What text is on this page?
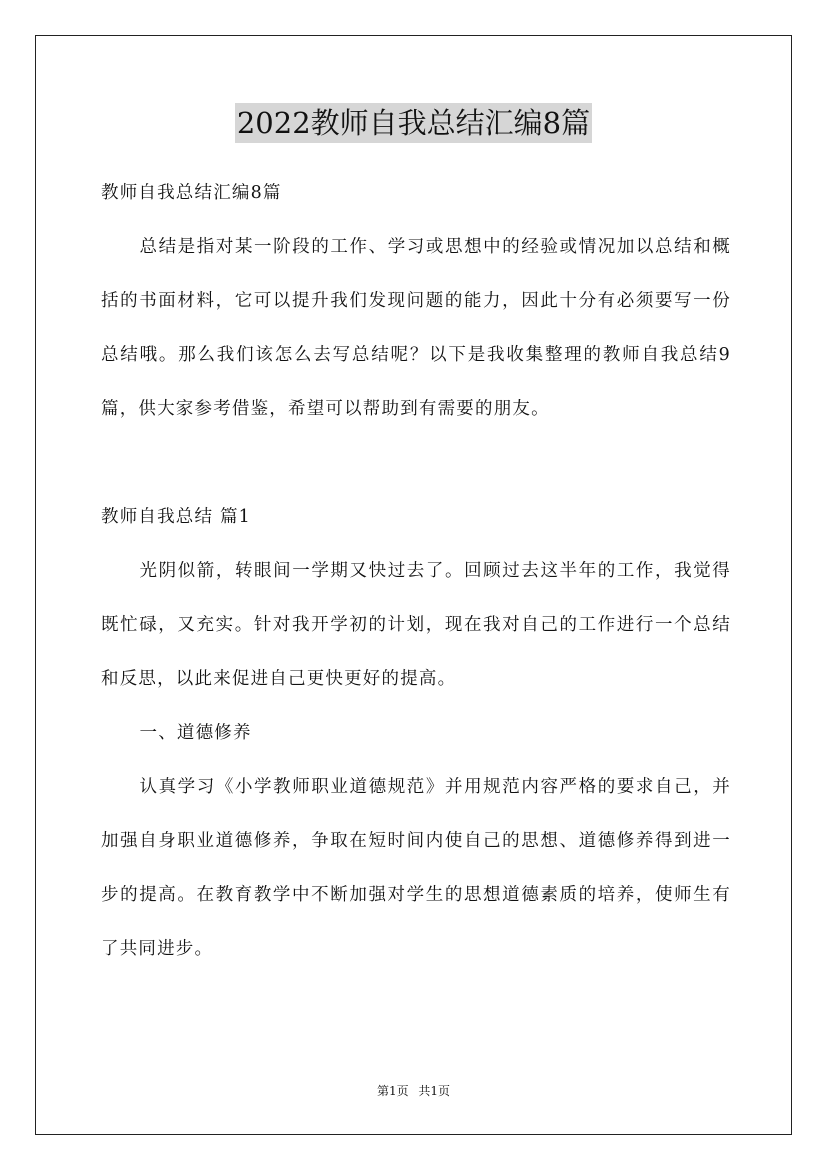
2022教师自我总结汇编8篇

教师自我总结汇编8篇

总结是指对某一阶段的工作、学习或思想中的经验或情况加以总结和概括的书面材料，它可以提升我们发现问题的能力，因此十分有必须要写一份总结哦。那么我们该怎么去写总结呢？以下是我收集整理的教师自我总结9篇，供大家参考借鉴，希望可以帮助到有需要的朋友。

教师自我总结 篇1

光阴似箭，转眼间一学期又快过去了。回顾过去这半年的工作，我觉得既忙碌，又充实。针对我开学初的计划，现在我对自己的工作进行一个总结和反思，以此来促进自己更快更好的提高。

一、道德修养

认真学习《小学教师职业道德规范》并用规范内容严格的要求自己，并加强自身职业道德修养，争取在短时间内使自己的思想、道德修养得到进一步的提高。在教育教学中不断加强对学生的思想道德素质的培养，使师生有了共同进步。

第1页 共1页
